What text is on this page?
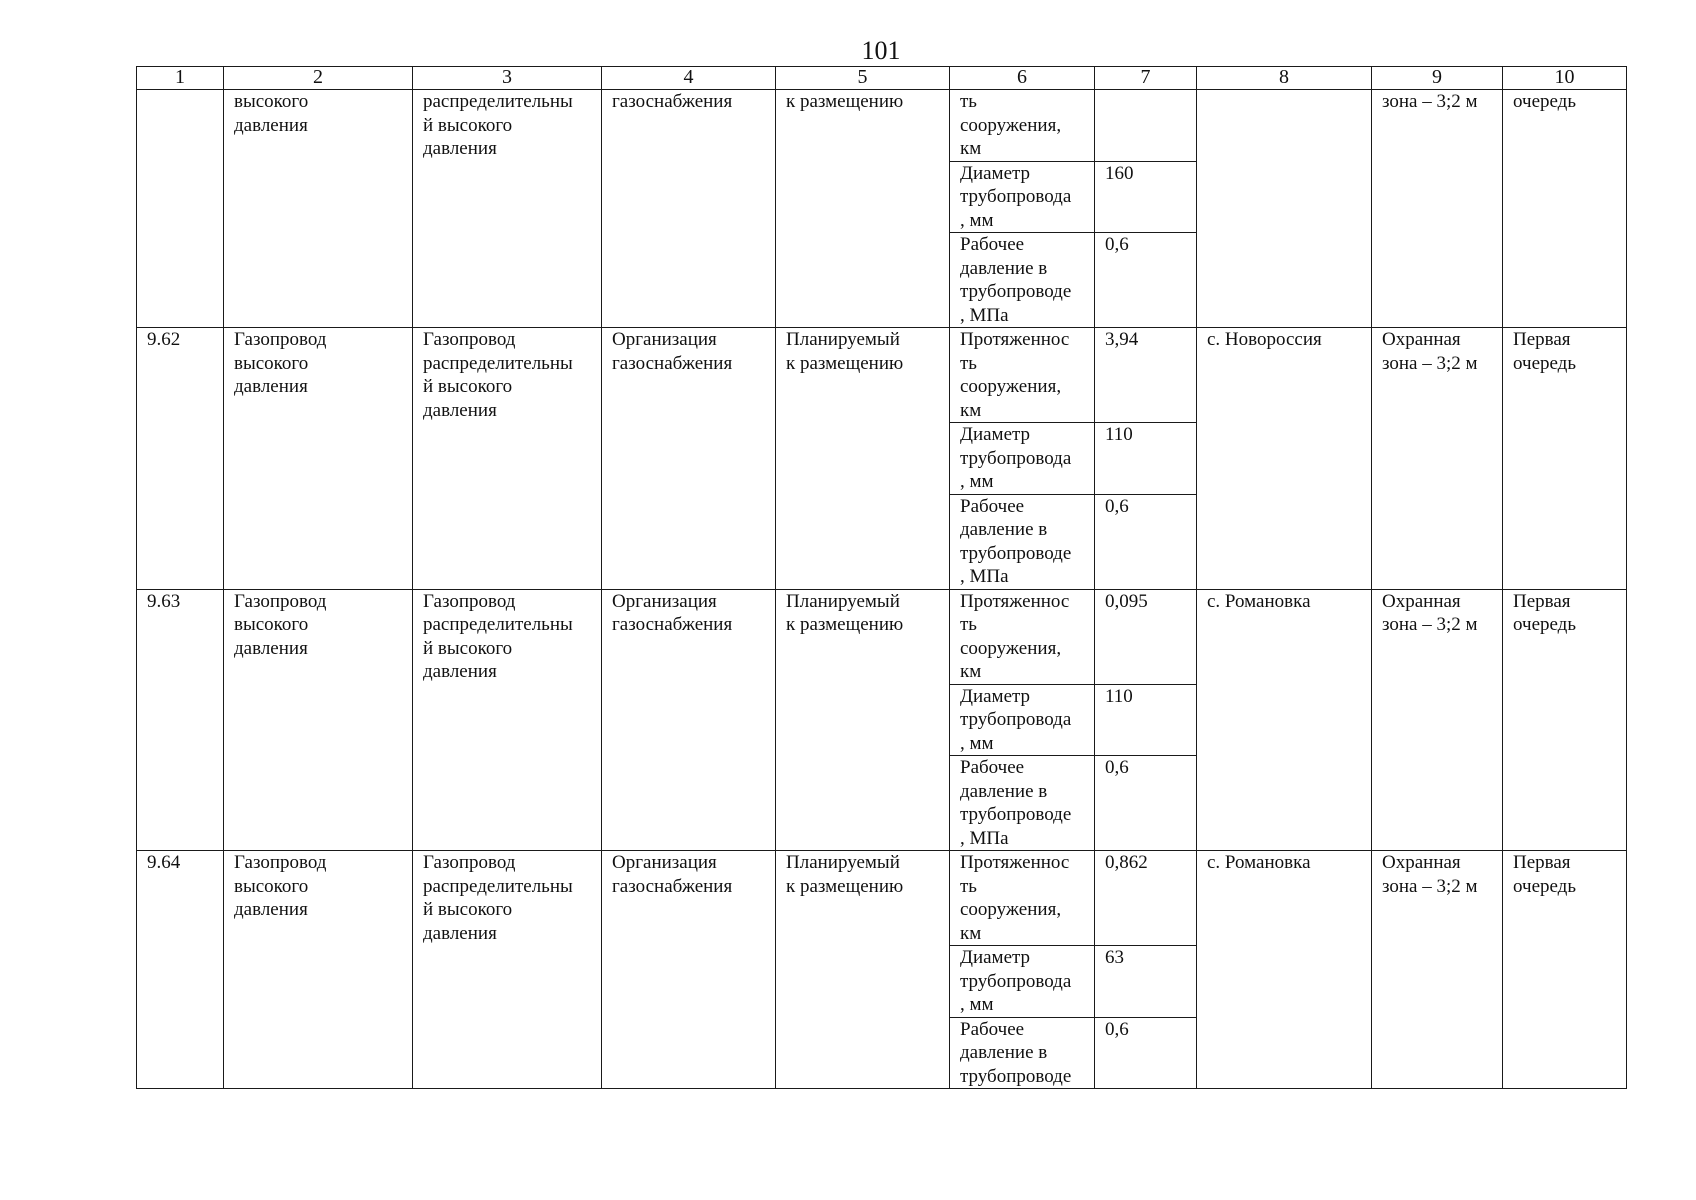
101
1	2	3	4	5	6	7	8	9	10

	высокого
давления	распределительны
й высокого
давления	газоснабжения	к размещению	ть
сооружения,
км			зона – 3;2 м	очередь

					Диаметр
трубопровода
, мм	160			

					Рабочее
давление в
трубопроводе
, МПа	0,6			

9.62	Газопровод
высокого
давления	Газопровод
распределительны
й высокого
давления	Организация
газоснабжения	Планируемый
к размещению	Протяженнос
ть
сооружения,
км	3,94	с. Новороссия	Охранная
зона – 3;2 м	Первая
очередь

					Диаметр
трубопровода
, мм	110			

					Рабочее
давление в
трубопроводе
, МПа	0,6			

9.63	Газопровод
высокого
давления	Газопровод
распределительны
й высокого
давления	Организация
газоснабжения	Планируемый
к размещению	Протяженнос
ть
сооружения,
км	0,095	с. Романовка	Охранная
зона – 3;2 м	Первая
очередь

					Диаметр
трубопровода
, мм	110			

					Рабочее
давление в
трубопроводе
, МПа	0,6			

9.64	Газопровод
высокого
давления	Газопровод
распределительны
й высокого
давления	Организация
газоснабжения	Планируемый
к размещению	Протяженнос
ть
сооружения,
км	0,862	с. Романовка	Охранная
зона – 3;2 м	Первая
очередь

					Диаметр
трубопровода
, мм	63			

					Рабочее
давление в
трубопроводе	0,6			
